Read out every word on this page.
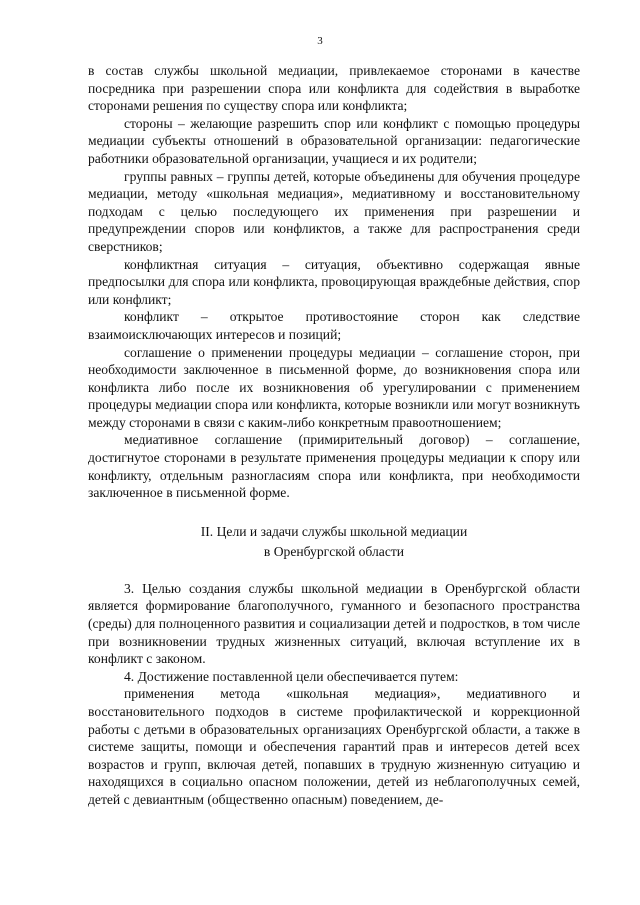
3

в состав службы школьной медиации, привлекаемое сторонами в качестве посредника при разрешении спора или конфликта для содействия в выработке сторонами решения по существу спора или конфликта;

стороны – желающие разрешить спор или конфликт с помощью процедуры медиации субъекты отношений в образовательной организации: педагогические работники образовательной организации, учащиеся и их родители;

группы равных – группы детей, которые объединены для обучения процедуре медиации, методу «школьная медиация», медиативному и восстановительному подходам с целью последующего их применения при разрешении и предупреждении споров или конфликтов, а также для распространения среди сверстников;

конфликтная ситуация – ситуация, объективно содержащая явные предпосылки для спора или конфликта, провоцирующая враждебные действия, спор или конфликт;

конфликт – открытое противостояние сторон как следствие взаимоисключающих интересов и позиций;

соглашение о применении процедуры медиации – соглашение сторон, при необходимости заключенное в письменной форме, до возникновения спора или конфликта либо после их возникновения об урегулировании с применением процедуры медиации спора или конфликта, которые возникли или могут возникнуть между сторонами в связи с каким-либо конкретным правоотношением;

медиативное соглашение (примирительный договор) – соглашение, достигнутое сторонами в результате применения процедуры медиации к спору или конфликту, отдельным разногласиям спора или конфликта, при необходимости заключенное в письменной форме.

II. Цели и задачи службы школьной медиации
в Оренбургской области

3. Целью создания службы школьной медиации в Оренбургской области является формирование благополучного, гуманного и безопасного пространства (среды) для полноценного развития и социализации детей и подростков, в том числе при возникновении трудных жизненных ситуаций, включая вступление их в конфликт с законом.

4. Достижение поставленной цели обеспечивается путем:

применения метода «школьная медиация», медиативного и восстановительного подходов в системе профилактической и коррекционной работы с детьми в образовательных организациях Оренбургской области, а также в системе защиты, помощи и обеспечения гарантий прав и интересов детей всех возрастов и групп, включая детей, попавших в трудную жизненную ситуацию и находящихся в социально опасном положении, детей из неблагополучных семей, детей с девиантным (общественно опасным) поведением, де-
